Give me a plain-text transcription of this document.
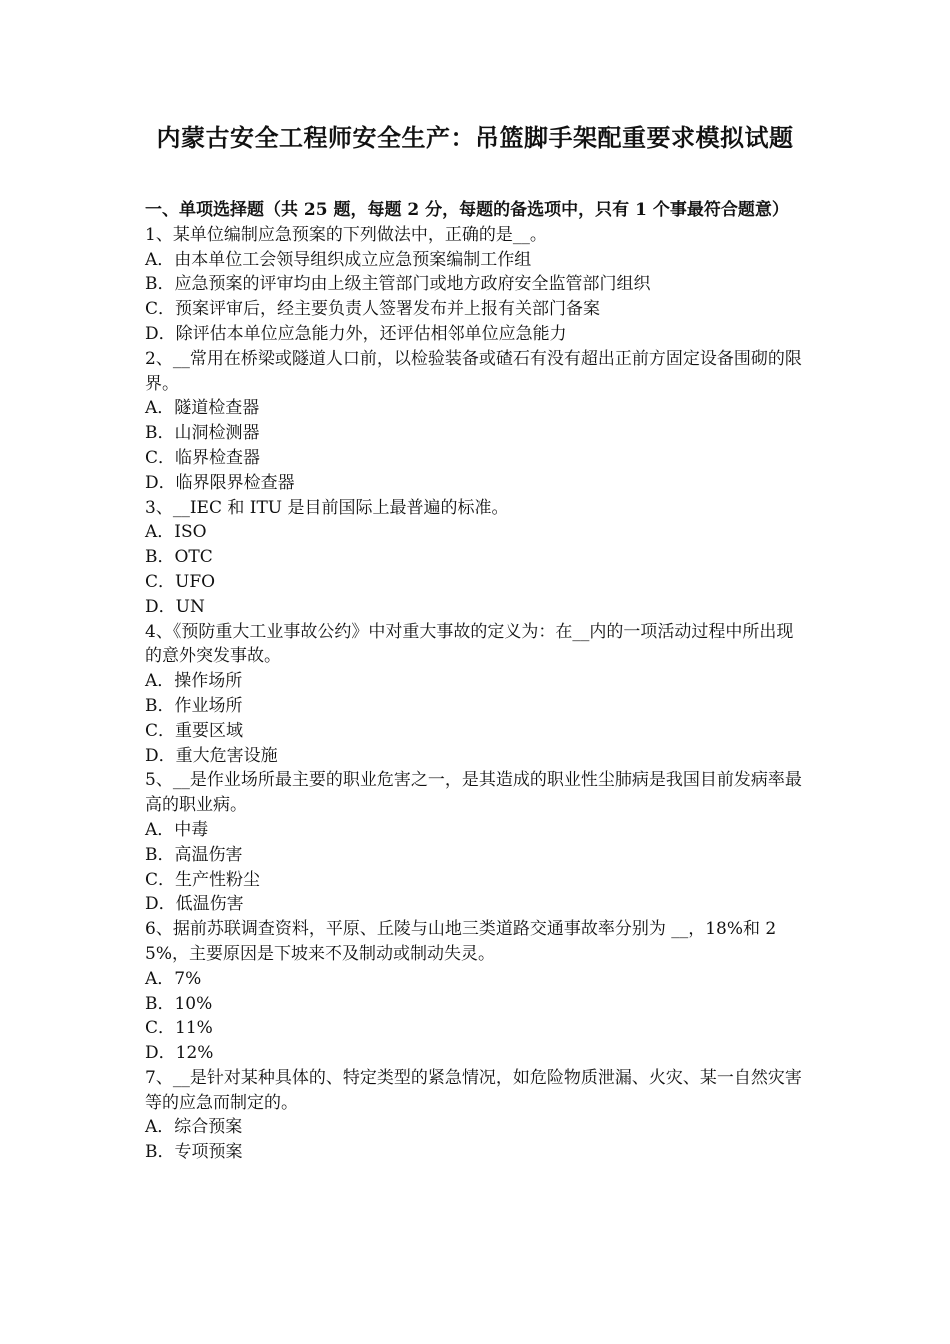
内蒙古安全工程师安全生产：吊篮脚手架配重要求模拟试题

一、单项选择题（共 25 题，每题 2 分，每题的备选项中，只有 1 个事最符合题意）

1、某单位编制应急预案的下列做法中，正确的是__。

A．由本单位工会领导组织成立应急预案编制工作组

B．应急预案的评审均由上级主管部门或地方政府安全监管部门组织

C．预案评审后，经主要负责人签署发布并上报有关部门备案

D．除评估本单位应急能力外，还评估相邻单位应急能力

2、__常用在桥梁或隧道人口前，以检验装备或碴石有没有超出正前方固定设备围砌的限界。

A．隧道检查器

B．山洞检测器

C．临界检查器

D．临界限界检查器

3、__IEC 和 ITU 是目前国际上最普遍的标准。

A．ISO

B．OTC

C．UFO

D．UN

4、《预防重大工业事故公约》中对重大事故的定义为：在__内的一项活动过程中所出现的意外突发事故。

A．操作场所

B．作业场所

C．重要区域

D．重大危害设施

5、__是作业场所最主要的职业危害之一，是其造成的职业性尘肺病是我国目前发病率最高的职业病。

A．中毒

B．高温伤害

C．生产性粉尘

D．低温伤害

6、据前苏联调查资料，平原、丘陵与山地三类道路交通事故率分别为 __，18%和 25%，主要原因是下坡来不及制动或制动失灵。

A．7%

B．10%

C．11%

D．12%

7、__是针对某种具体的、特定类型的紧急情况，如危险物质泄漏、火灾、某一自然灾害等的应急而制定的。

A．综合预案

B．专项预案
